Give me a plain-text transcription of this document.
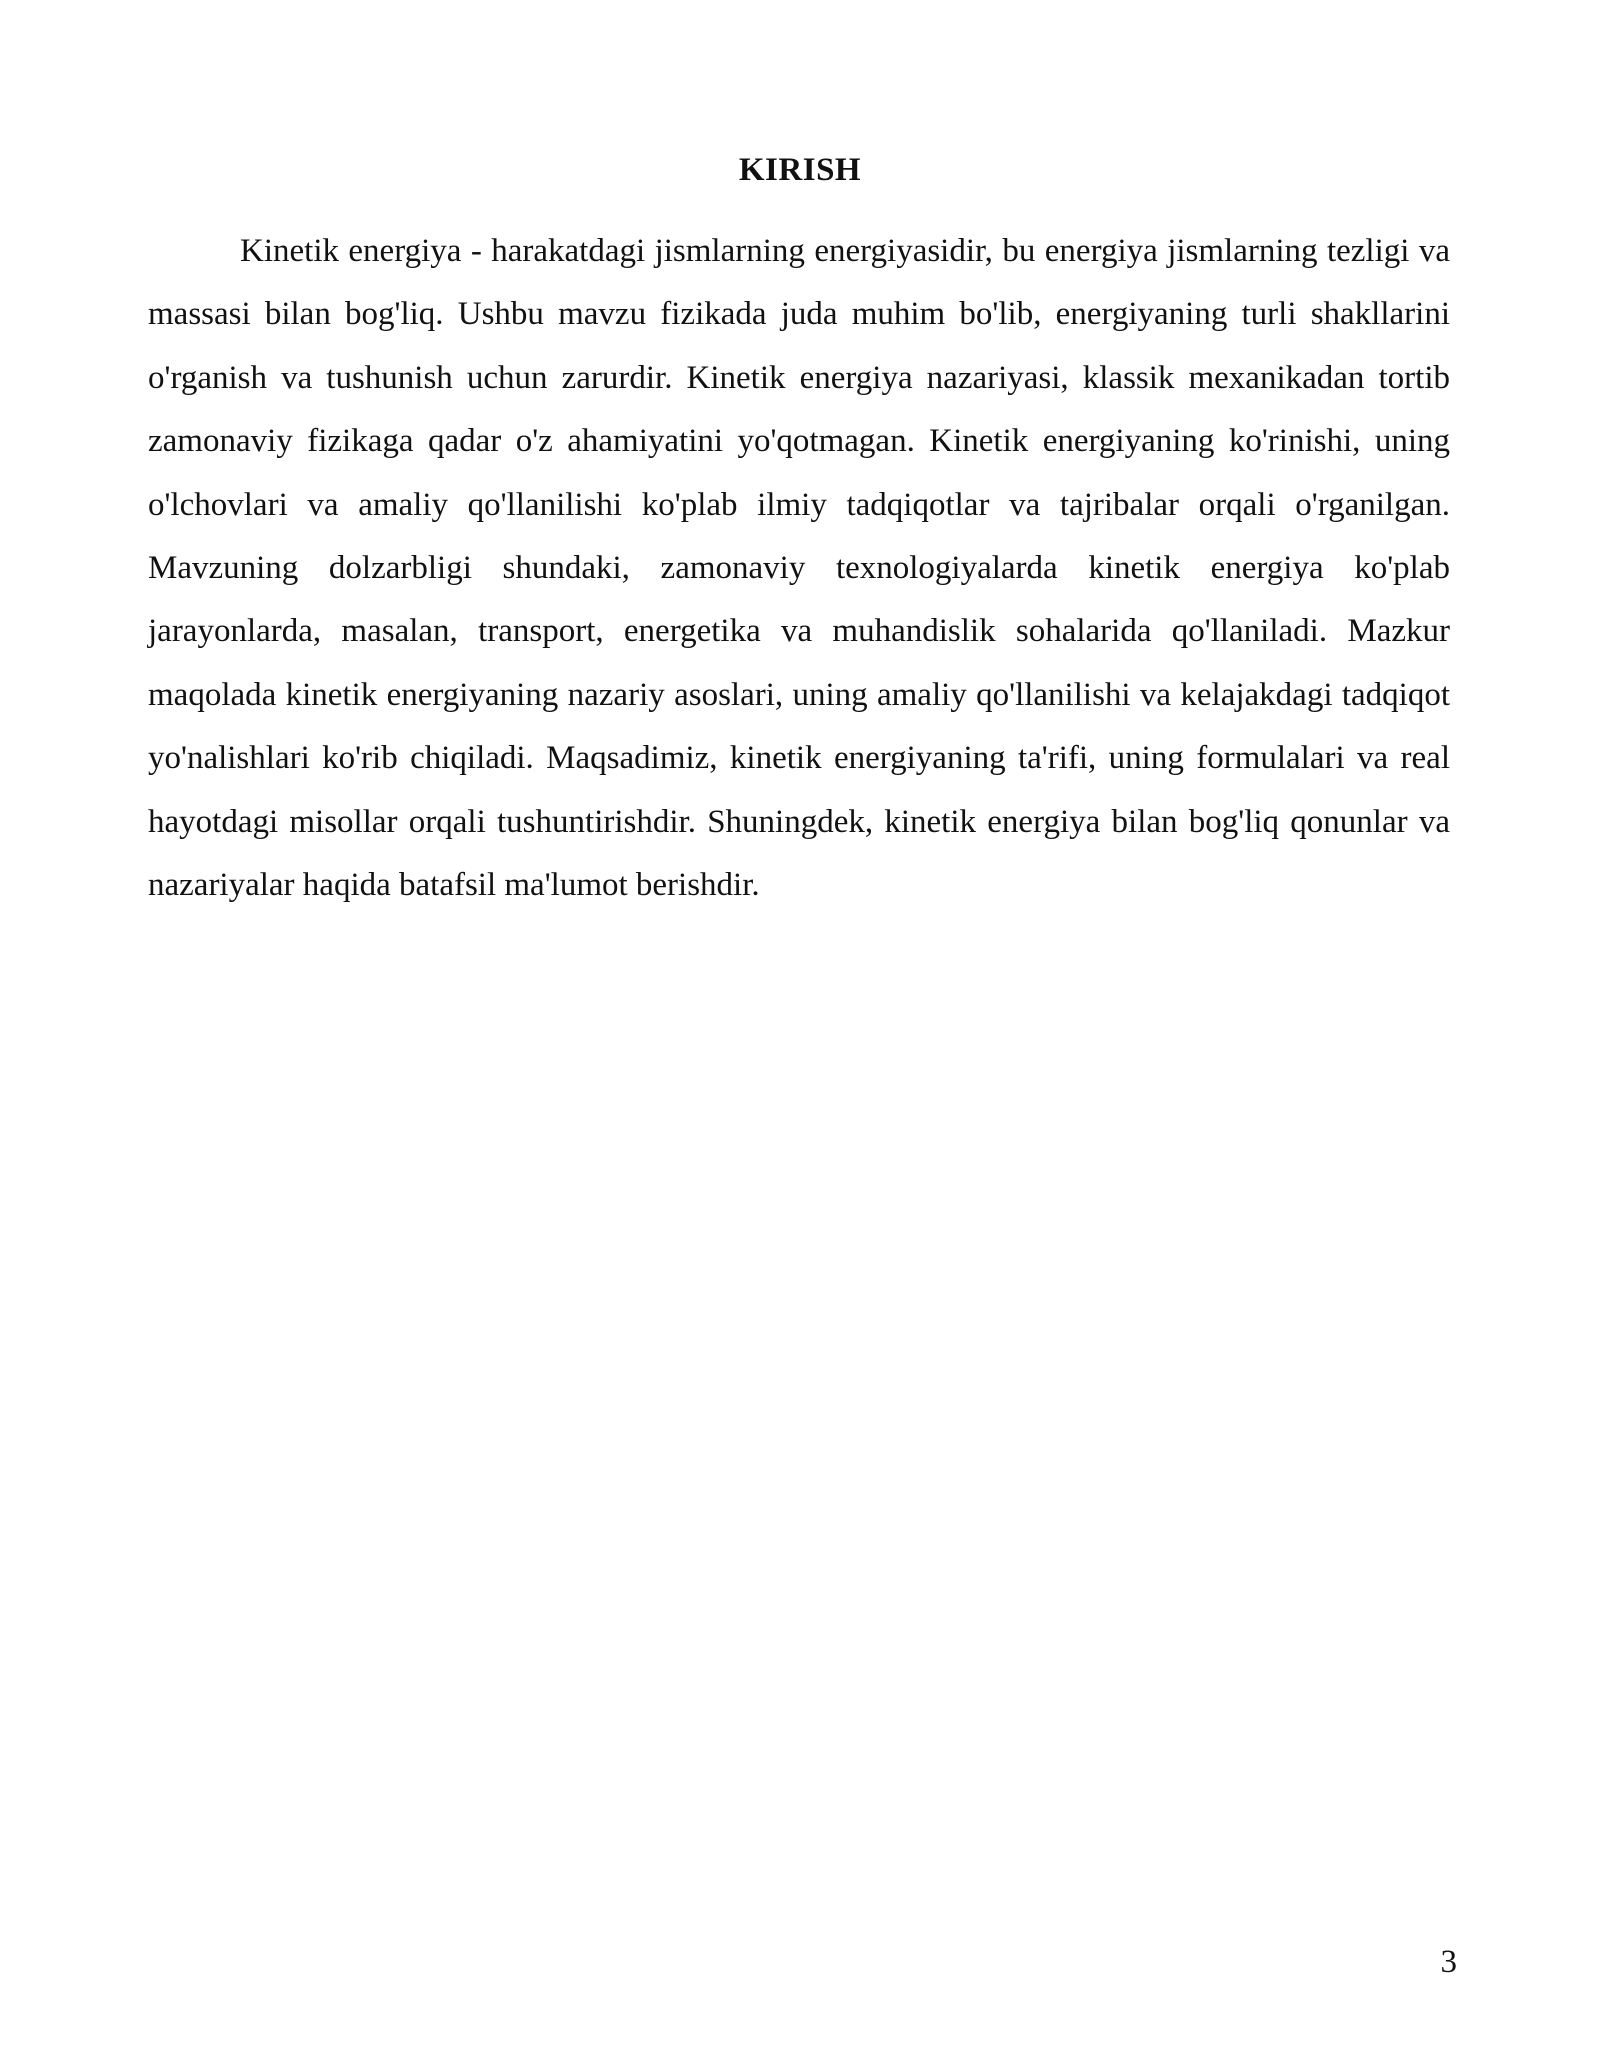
KIRISH

Kinetik energiya - harakatdagi jismlarning energiyasidir, bu energiya jismlarning tezligi va massasi bilan bog'liq. Ushbu mavzu fizikada juda muhim bo'lib, energiyaning turli shakllarini o'rganish va tushunish uchun zarurdir. Kinetik energiya nazariyasi, klassik mexanikadan tortib zamonaviy fizikaga qadar o'z ahamiyatini yo'qotmagan. Kinetik energiyaning ko'rinishi, uning o'lchovlari va amaliy qo'llanilishi ko'plab ilmiy tadqiqotlar va tajribalar orqali o'rganilgan. Mavzuning dolzarbligi shundaki, zamonaviy texnologiyalarda kinetik energiya ko'plab jarayonlarda, masalan, transport, energetika va muhandislik sohalarida qo'llaniladi. Mazkur maqolada kinetik energiyaning nazariy asoslari, uning amaliy qo'llanilishi va kelajakdagi tadqiqot yo'nalishlari ko'rib chiqiladi. Maqsadimiz, kinetik energiyaning ta'rifi, uning formulalari va real hayotdagi misollar orqali tushuntirishdir. Shuningdek, kinetik energiya bilan bog'liq qonunlar va nazariyalar haqida batafsil ma'lumot berishdir.

3
